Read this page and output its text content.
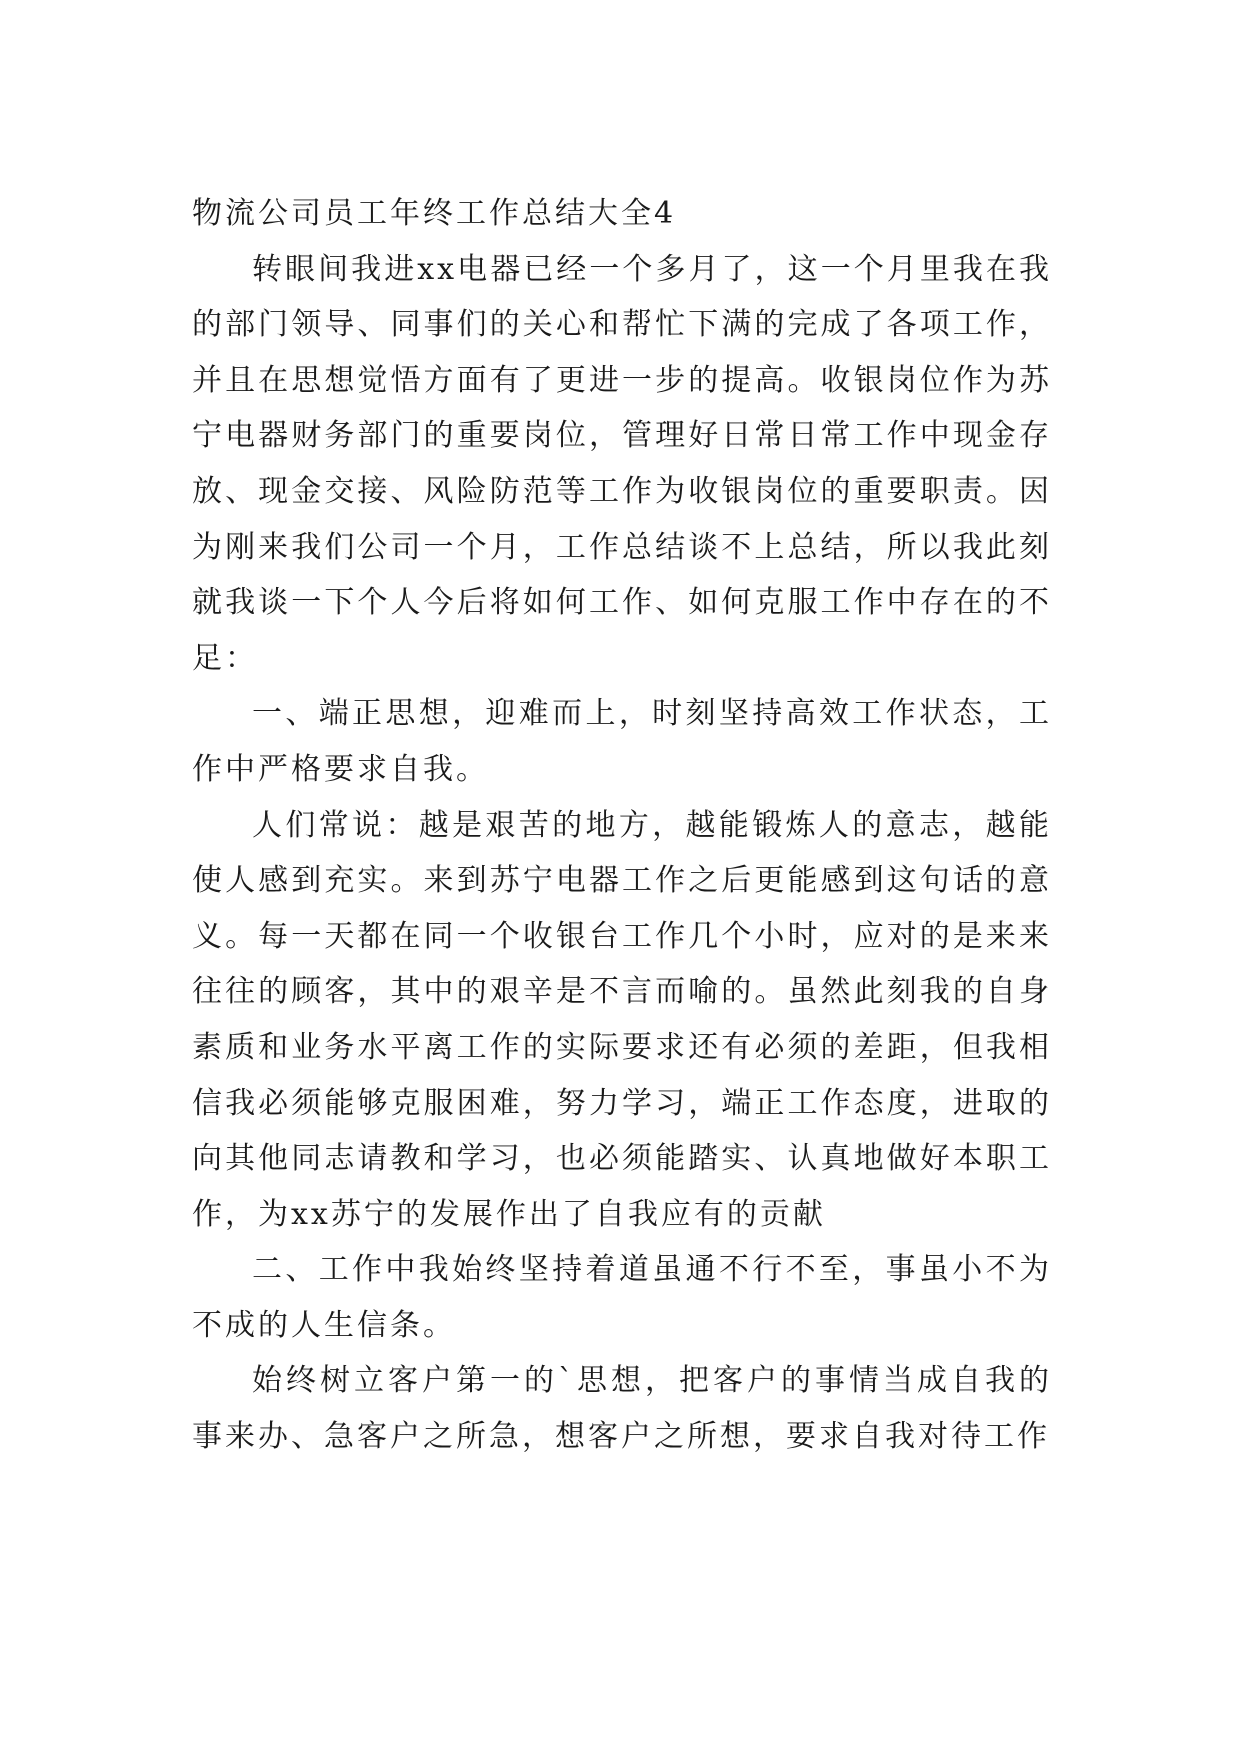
物流公司员工年终工作总结大全4

转眼间我进xx电器已经一个多月了，这一个月里我在我的部门领导、同事们的关心和帮忙下满的完成了各项工作，并且在思想觉悟方面有了更进一步的提高。收银岗位作为苏宁电器财务部门的重要岗位，管理好日常日常工作中现金存放、现金交接、风险防范等工作为收银岗位的重要职责。因为刚来我们公司一个月，工作总结谈不上总结，所以我此刻就我谈一下个人今后将如何工作、如何克服工作中存在的不足：

一、端正思想，迎难而上，时刻坚持高效工作状态，工作中严格要求自我。

人们常说：越是艰苦的地方，越能锻炼人的意志，越能使人感到充实。来到苏宁电器工作之后更能感到这句话的意义。每一天都在同一个收银台工作几个小时，应对的是来来往往的顾客，其中的艰辛是不言而喻的。虽然此刻我的自身素质和业务水平离工作的实际要求还有必须的差距，但我相信我必须能够克服困难，努力学习，端正工作态度，进取的向其他同志请教和学习，也必须能踏实、认真地做好本职工作，为xx苏宁的发展作出了自我应有的贡献

二、工作中我始终坚持着道虽通不行不至，事虽小不为不成的人生信条。

始终树立客户第一的`思想，把客户的事情当成自我的事来办、急客户之所急，想客户之所想，要求自我对待工作
